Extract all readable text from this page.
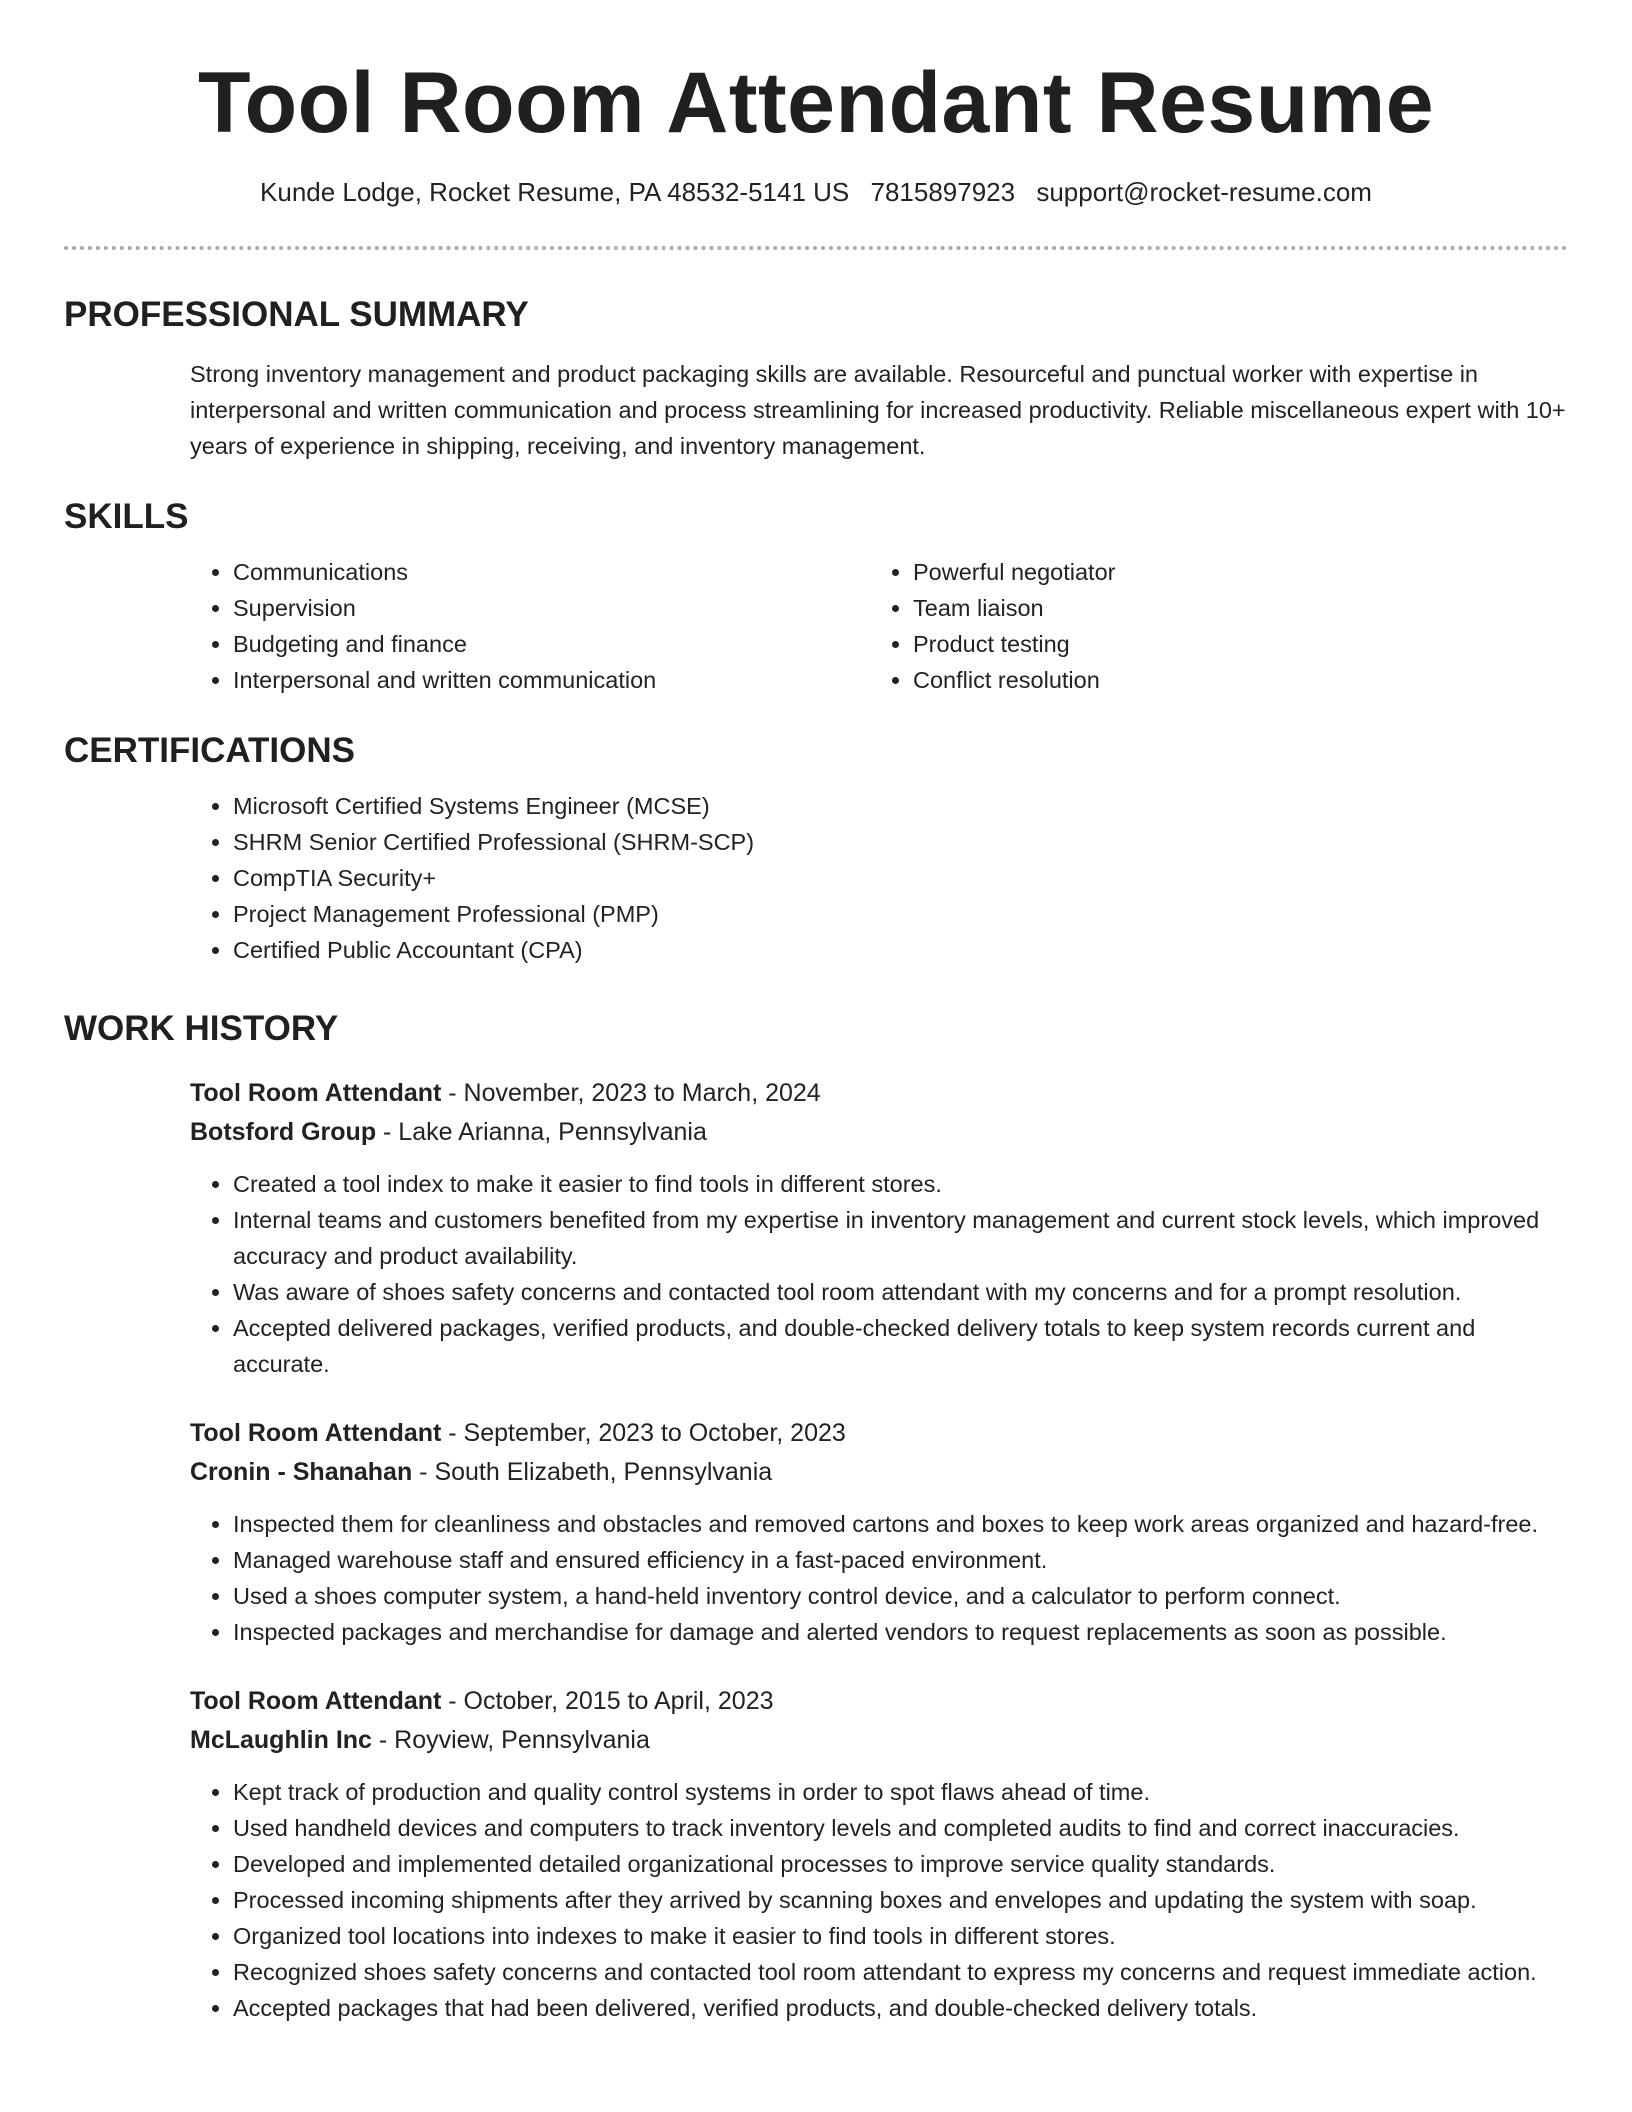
Tool Room Attendant Resume
Kunde Lodge, Rocket Resume, PA 48532-5141 US 7815897923 support@rocket-resume.com
PROFESSIONAL SUMMARY
Strong inventory management and product packaging skills are available. Resourceful and punctual worker with expertise in interpersonal and written communication and process streamlining for increased productivity. Reliable miscellaneous expert with 10+ years of experience in shipping, receiving, and inventory management.
SKILLS
• Communications
• Supervision
• Budgeting and finance
• Interpersonal and written communication
• Powerful negotiator
• Team liaison
• Product testing
• Conflict resolution
CERTIFICATIONS
• Microsoft Certified Systems Engineer (MCSE)
• SHRM Senior Certified Professional (SHRM-SCP)
• CompTIA Security+
• Project Management Professional (PMP)
• Certified Public Accountant (CPA)
WORK HISTORY
Tool Room Attendant - November, 2023 to March, 2024
Botsford Group - Lake Arianna, Pennsylvania
• Created a tool index to make it easier to find tools in different stores.
• Internal teams and customers benefited from my expertise in inventory management and current stock levels, which improved accuracy and product availability.
• Was aware of shoes safety concerns and contacted tool room attendant with my concerns and for a prompt resolution.
• Accepted delivered packages, verified products, and double-checked delivery totals to keep system records current and accurate.
Tool Room Attendant - September, 2023 to October, 2023
Cronin - Shanahan - South Elizabeth, Pennsylvania
• Inspected them for cleanliness and obstacles and removed cartons and boxes to keep work areas organized and hazard-free.
• Managed warehouse staff and ensured efficiency in a fast-paced environment.
• Used a shoes computer system, a hand-held inventory control device, and a calculator to perform connect.
• Inspected packages and merchandise for damage and alerted vendors to request replacements as soon as possible.
Tool Room Attendant - October, 2015 to April, 2023
McLaughlin Inc - Royview, Pennsylvania
• Kept track of production and quality control systems in order to spot flaws ahead of time.
• Used handheld devices and computers to track inventory levels and completed audits to find and correct inaccuracies.
• Developed and implemented detailed organizational processes to improve service quality standards.
• Processed incoming shipments after they arrived by scanning boxes and envelopes and updating the system with soap.
• Organized tool locations into indexes to make it easier to find tools in different stores.
• Recognized shoes safety concerns and contacted tool room attendant to express my concerns and request immediate action.
• Accepted packages that had been delivered, verified products, and double-checked delivery totals.
